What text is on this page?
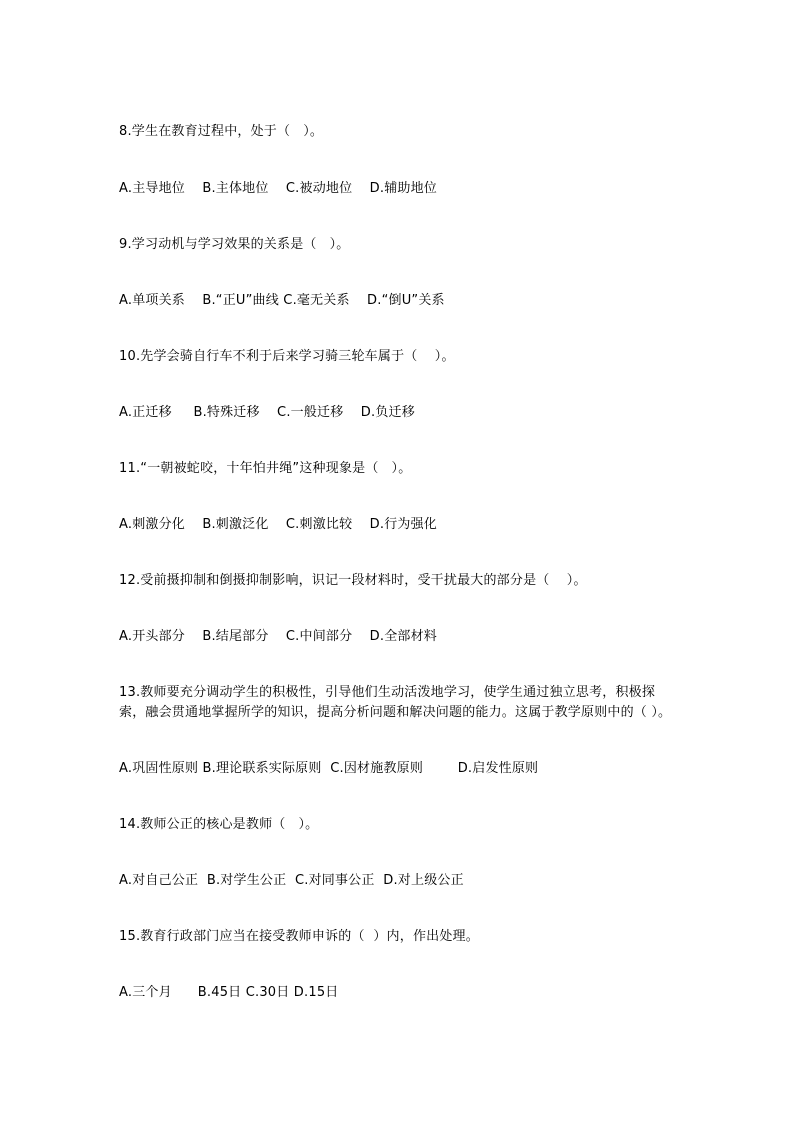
8.学生在教育过程中，处于（   ）。
A.主导地位    B.主体地位    C.被动地位    D.辅助地位
9.学习动机与学习效果的关系是（   ）。
A.单项关系    B.“正U”曲线 C.毫无关系    D.“倒U”关系
10.先学会骑自行车不利于后来学习骑三轮车属于（    ）。
A.正迁移     B.特殊迁移    C.一般迁移    D.负迁移
11.“一朝被蛇咬，十年怕井绳”这种现象是（   ）。
A.刺激分化    B.刺激泛化    C.刺激比较    D.行为强化
12.受前摄抑制和倒摄抑制影响，识记一段材料时，受干扰最大的部分是（    ）。
A.开头部分    B.结尾部分    C.中间部分    D.全部材料
13.教师要充分调动学生的积极性，引导他们生动活泼地学习，使学生通过独立思考，积极探索，融会贯通地掌握所学的知识，提高分析问题和解决问题的能力。这属于教学原则中的（ ）。
A.巩固性原则 B.理论联系实际原则  C.因材施教原则        D.启发性原则
14.教师公正的核心是教师（   ）。
A.对自己公正  B.对学生公正  C.对同事公正  D.对上级公正
15.教育行政部门应当在接受教师申诉的（  ）内，作出处理。
A.三个月      B.45日 C.30日 D.15日
